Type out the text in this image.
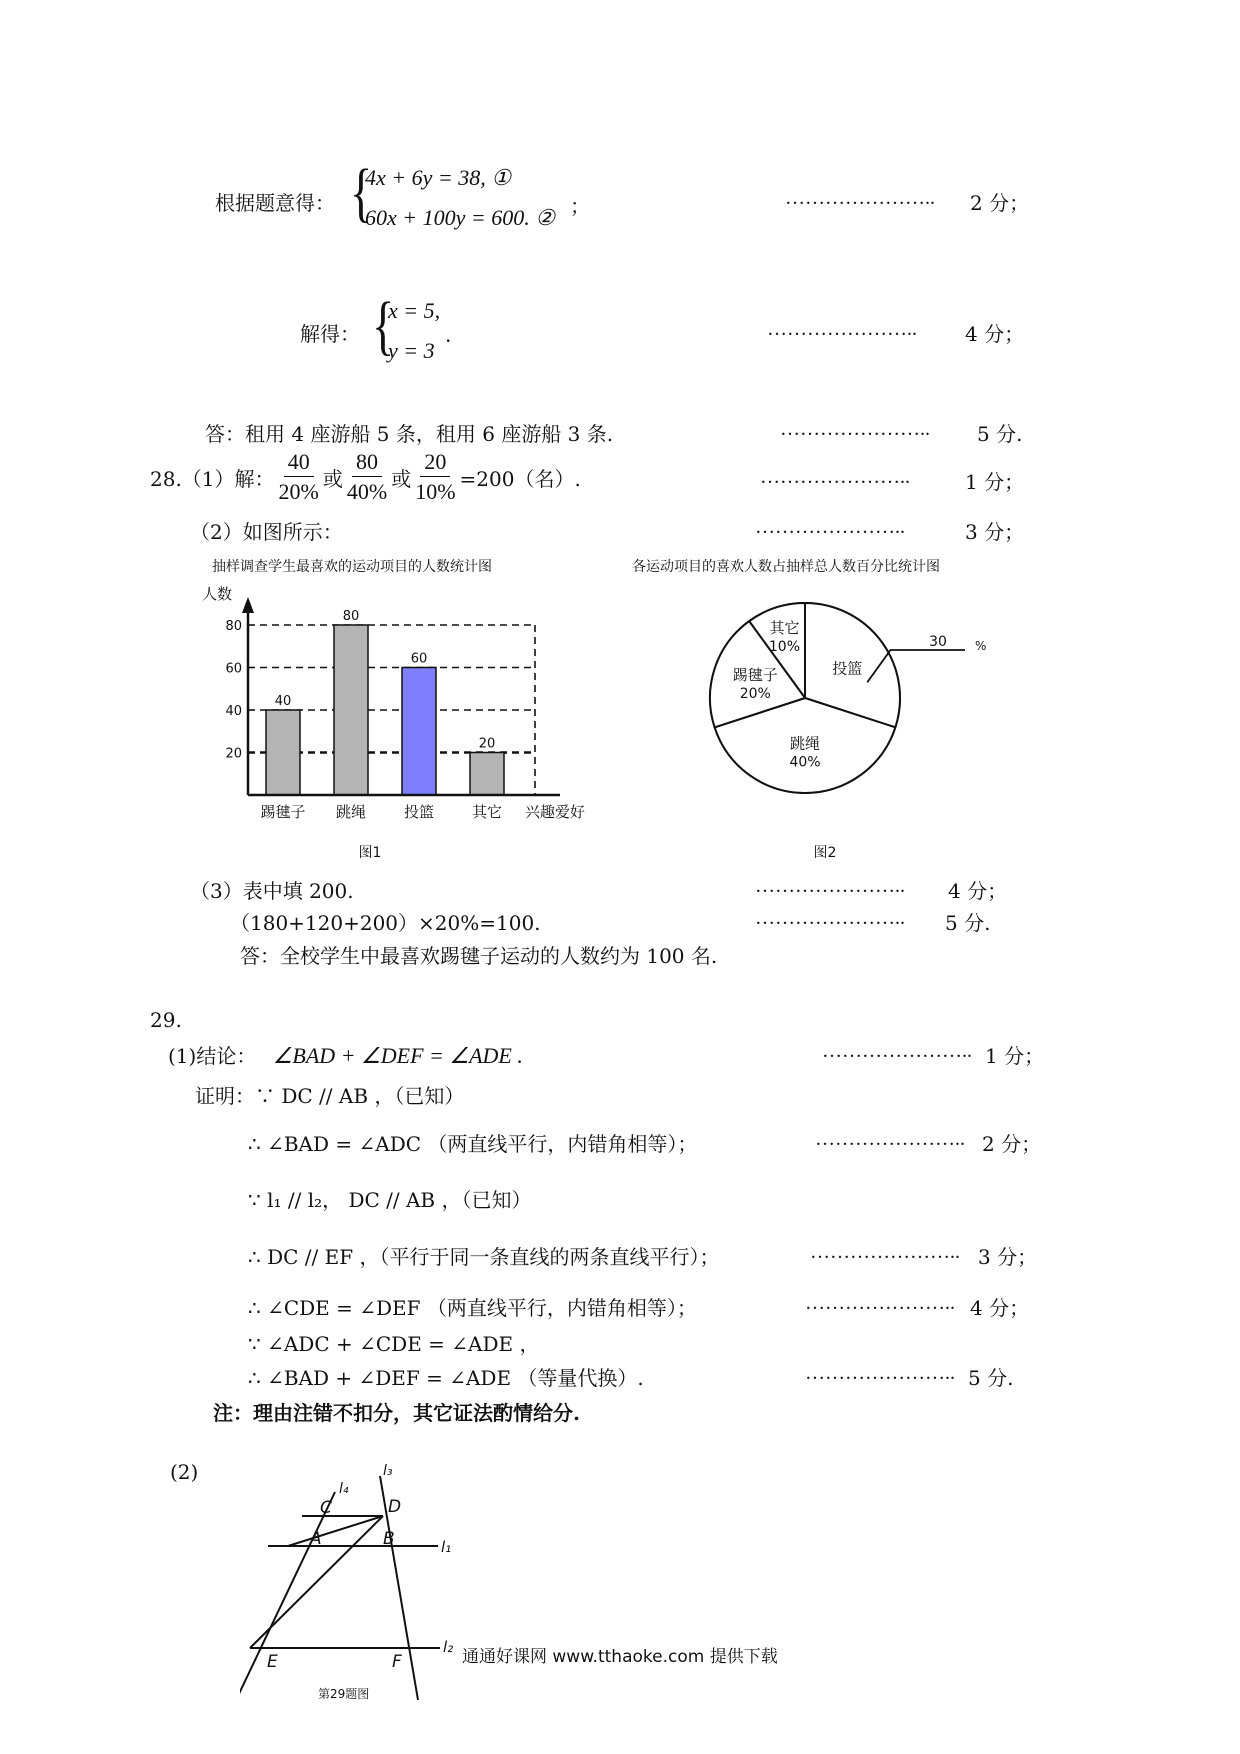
根据题意得： {
4x + 6y = 38, ①
60x + 100y = 600. ② ；	………………….. 2 分；
解得： {
x = 5,
y = 3
.	………………….. 4 分；
答：租用 4 座游船 5 条，租用 6 座游船 3 条.	………………….. 5 分.
28.（1）解： $\frac{40}{20\%}$ 或 $\frac{80}{40\%}$ 或 $\frac{20}{10\%} =200$（名）.	…………………..	1 分；
（2）如图所示：	…………………..	3 分；
抽样调查学生最喜欢的运动项目的人数统计图
人数
20
40
60
80
40
踢毽子
80
跳绳
60
投篮
20
其它 兴趣爱好
图1
各运动项目的喜欢人数占抽样总人数百分比统计图
其它
10%
投篮
跳绳
40%
踢毽子
20%
30 %
图2
（3）表中填 200.	………………….. 4 分；
（180+120+200）×20%=100.	………………….. 5 分.
答：全校学生中最喜欢踢毽子运动的人数约为 100 名.
29.
(1)结论： ∠BAD + ∠DEF = ∠ADE .	………………….. 1 分；
证明：∵ DC // AB ，（已知）
∴ ∠BAD = ∠ADC （两直线平行，内错角相等）；	………………….. 2 分；
∵ l₁ // l₂， DC // AB ，（已知）
∴ DC // EF ，（平行于同一条直线的两条直线平行）；	………………….. 3 分；
∴ ∠CDE = ∠DEF （两直线平行，内错角相等）；	………………….. 4 分；
∵ ∠ADC + ∠CDE = ∠ADE ，
∴ ∠BAD + ∠DEF = ∠ADE （等量代换）.	………………….. 5 分.
注：理由注错不扣分，其它证法酌情给分.
(2)
C	D
A	B
E	F
l₁
l₂
l₃
l₄
第29题图
通通好课网 www.tthaoke.com 提供下载
